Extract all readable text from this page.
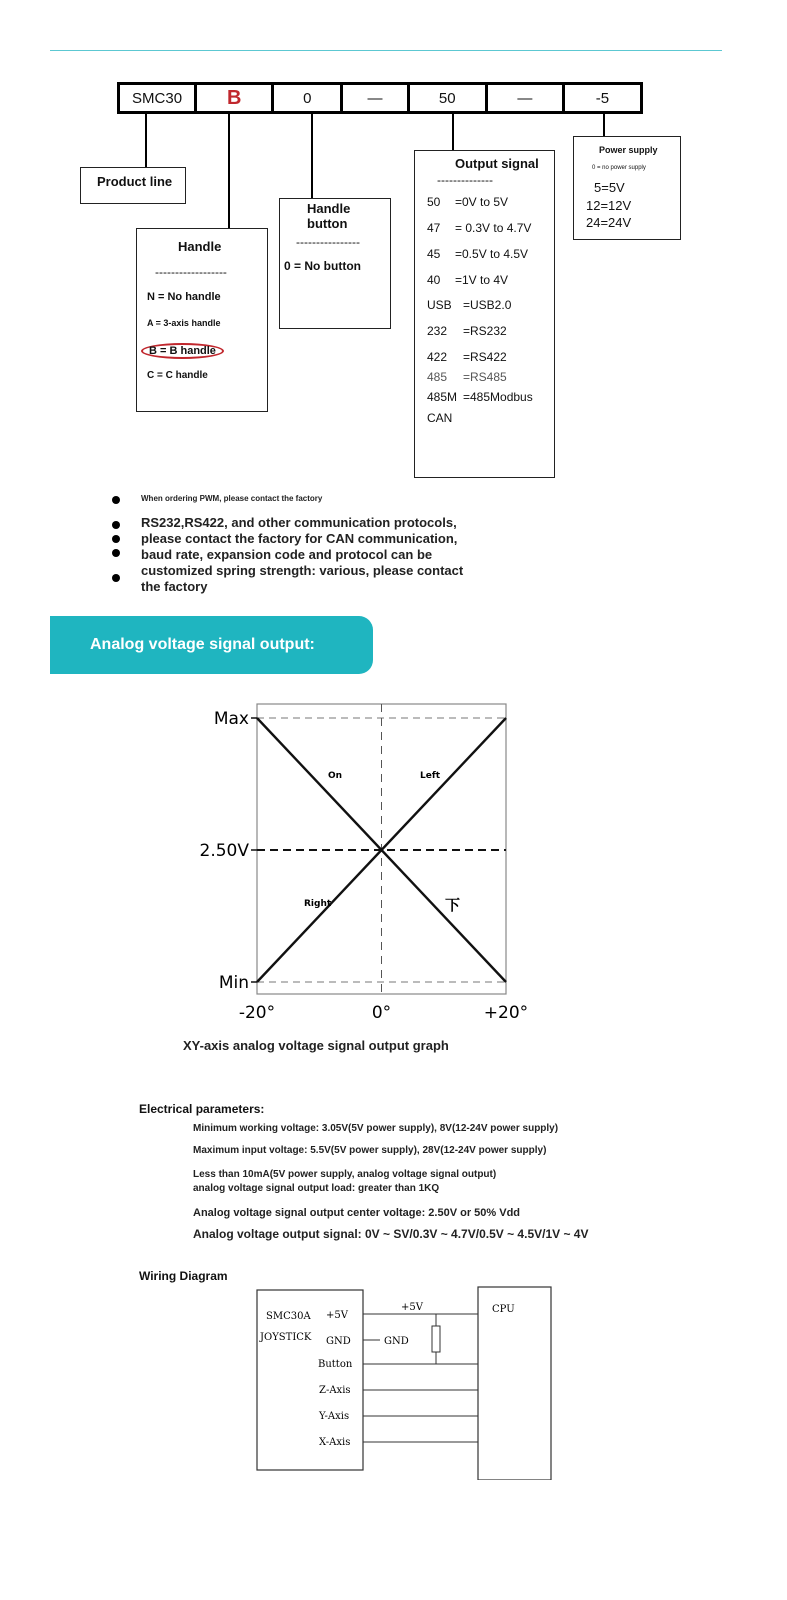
SMC30	B	0	—	50	—	-5
Product line
Handle
------------------
N = No handle
A = 3-axis handle
B = B handle
C = C handle
Handle
button
----------------
0 = No button
Output signal
--------------
50 =0V to 5V
47 = 0.3V to 4.7V
45 =0.5V to 4.5V
40 =1V to 4V
USB =USB2.0
232 =RS232
422 =RS422
485 =RS485
485M =485Modbus
CAN
Power supply
0 = no power supply
5=5V
12=12V
24=24V
When ordering PWM, please contact the factory
RS232,RS422, and other communication protocols,
please contact the factory for CAN communication,
baud rate, expansion code and protocol can be
customized spring strength: various, please contact
the factory
Analog voltage signal output:
Max
2.50V
Min
-20°	0°	+20°
On	Left
Right	下
XY-axis analog voltage signal output graph
Electrical parameters:
Minimum working voltage: 3.05V(5V power supply), 8V(12-24V power supply)
Maximum input voltage: 5.5V(5V power supply), 28V(12-24V power supply)
Less than 10mA(5V power supply, analog voltage signal output)
analog voltage signal output load: greater than 1KQ
Analog voltage signal output center voltage: 2.50V or 50% Vdd
Analog voltage output signal: 0V ~ SV/0.3V ~ 4.7V/0.5V ~ 4.5V/1V ~ 4V
Wiring Diagram
SMC30A
JOYSTICK
+5V
GND
Button
Z-Axis
Y-Axis
X-Axis
+5V
GND
CPU
